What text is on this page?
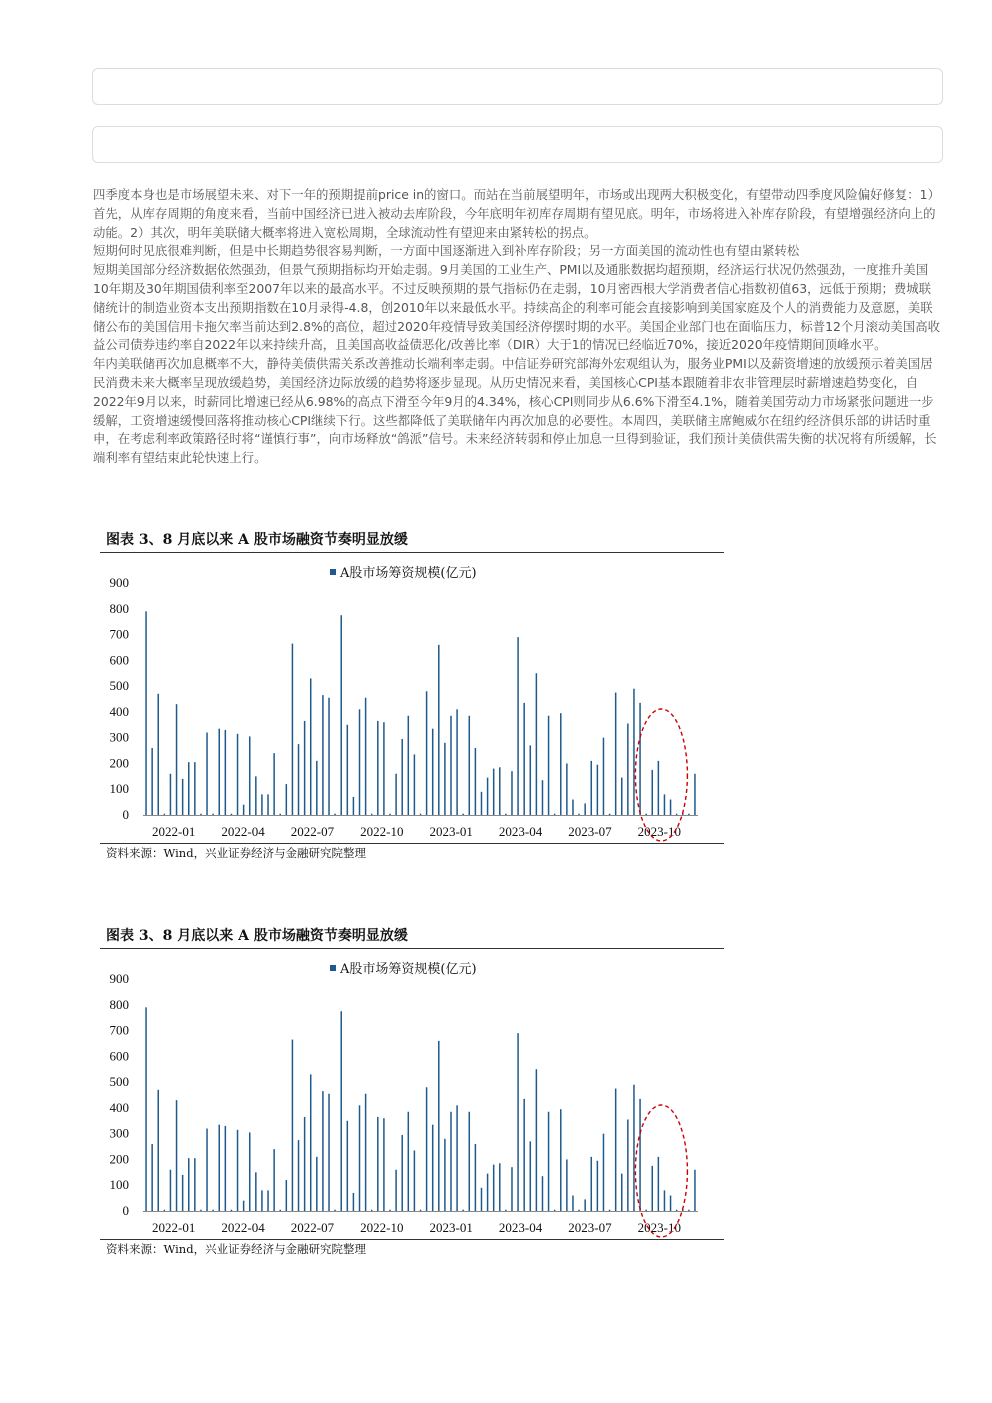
四季度本身也是市场展望未来、对下一年的预期提前price in的窗口。而站在当前展望明年，市场或出现两大积极变化，有望带动四季度风险偏好修复：1）首先，从库存周期的角度来看，当前中国经济已进入被动去库阶段，今年底明年初库存周期有望见底。明年，市场将进入补库存阶段，有望增强经济向上的动能。2）其次，明年美联储大概率将进入宽松周期，全球流动性有望迎来由紧转松的拐点。

短期何时见底很难判断，但是中长期趋势很容易判断，一方面中国逐渐进入到补库存阶段；另一方面美国的流动性也有望由紧转松

短期美国部分经济数据依然强劲，但景气预期指标均开始走弱。9月美国的工业生产、PMI以及通胀数据均超预期，经济运行状况仍然强劲，一度推升美国10年期及30年期国债利率至2007年以来的最高水平。不过反映预期的景气指标仍在走弱，10月密西根大学消费者信心指数初值63，远低于预期；费城联储统计的制造业资本支出预期指数在10月录得-4.8，创2010年以来最低水平。持续高企的利率可能会直接影响到美国家庭及个人的消费能力及意愿，美联储公布的美国信用卡拖欠率当前达到2.8%的高位，超过2020年疫情导致美国经济停摆时期的水平。美国企业部门也在面临压力，标普12个月滚动美国高收益公司债券违约率自2022年以来持续升高，且美国高收益债恶化/改善比率（DIR）大于1的情况已经临近70%，接近2020年疫情期间顶峰水平。

年内美联储再次加息概率不大，静待美债供需关系改善推动长端利率走弱。中信证券研究部海外宏观组认为，服务业PMI以及薪资增速的放缓预示着美国居民消费未来大概率呈现放缓趋势，美国经济边际放缓的趋势将逐步显现。从历史情况来看，美国核心CPI基本跟随着非农非管理层时薪增速趋势变化，自2022年9月以来，时薪同比增速已经从6.98%的高点下滑至今年9月的4.34%，核心CPI则同步从6.6%下滑至4.1%，随着美国劳动力市场紧张问题进一步缓解，工资增速缓慢回落将推动核心CPI继续下行。这些都降低了美联储年内再次加息的必要性。本周四，美联储主席鲍威尔在纽约经济俱乐部的讲话时重申，在考虑利率政策路径时将“谨慎行事”，向市场释放“鸽派”信号。未来经济转弱和停止加息一旦得到验证，我们预计美债供需失衡的状况将有所缓解，长端利率有望结束此轮快速上行。

图表 3、8 月底以来 A 股市场融资节奏明显放缓
A股市场筹资规模(亿元)
0
100
200
300
400
500
600
700
800
900
2022-01 2022-04 2022-07 2022-10 2023-01 2023-04 2023-07 2023-10
资料来源：Wind，兴业证券经济与金融研究院整理
图表 3、8 月底以来 A 股市场融资节奏明显放缓
A股市场筹资规模(亿元)
0
100
200
300
400
500
600
700
800
900
2022-01 2022-04 2022-07 2022-10 2023-01 2023-04 2023-07 2023-10
资料来源：Wind，兴业证券经济与金融研究院整理
